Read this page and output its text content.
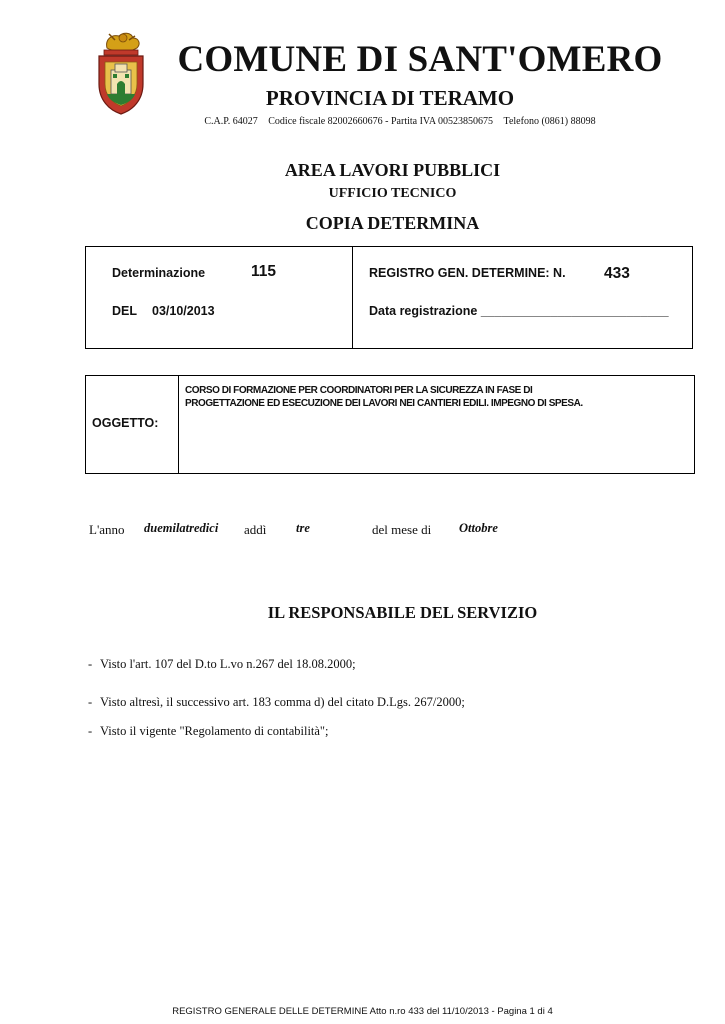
COMUNE DI SANT'OMERO
PROVINCIA DI TERAMO
C.A.P. 64027 Codice fiscale 82002660676 - Partita IVA 00523850675 Telefono (0861) 88098
AREA LAVORI PUBBLICI
UFFICIO TECNICO
COPIA DETERMINA
Determinazione	115
DEL 03/10/2013
REGISTRO GEN. DETERMINE: N. 433
Data registrazione ___________________________
OGGETTO:
CORSO DI FORMAZIONE PER COORDINATORI PER LA SICUREZZA IN FASE DI
PROGETTAZIONE ED ESECUZIONE DEI LAVORI NEI CANTIERI EDILI. IMPEGNO DI SPESA.
L'anno duemilatredici addì tre	del mese di Ottobre
IL RESPONSABILE DEL SERVIZIO
- Visto l'art. 107 del D.to L.vo n.267 del 18.08.2000;
- Visto altresì, il successivo art. 183 comma d) del citato D.Lgs. 267/2000;
- Visto il vigente "Regolamento di contabilità";
REGISTRO GENERALE DELLE DETERMINE Atto n.ro 433 del 11/10/2013 - Pagina 1 di 4
